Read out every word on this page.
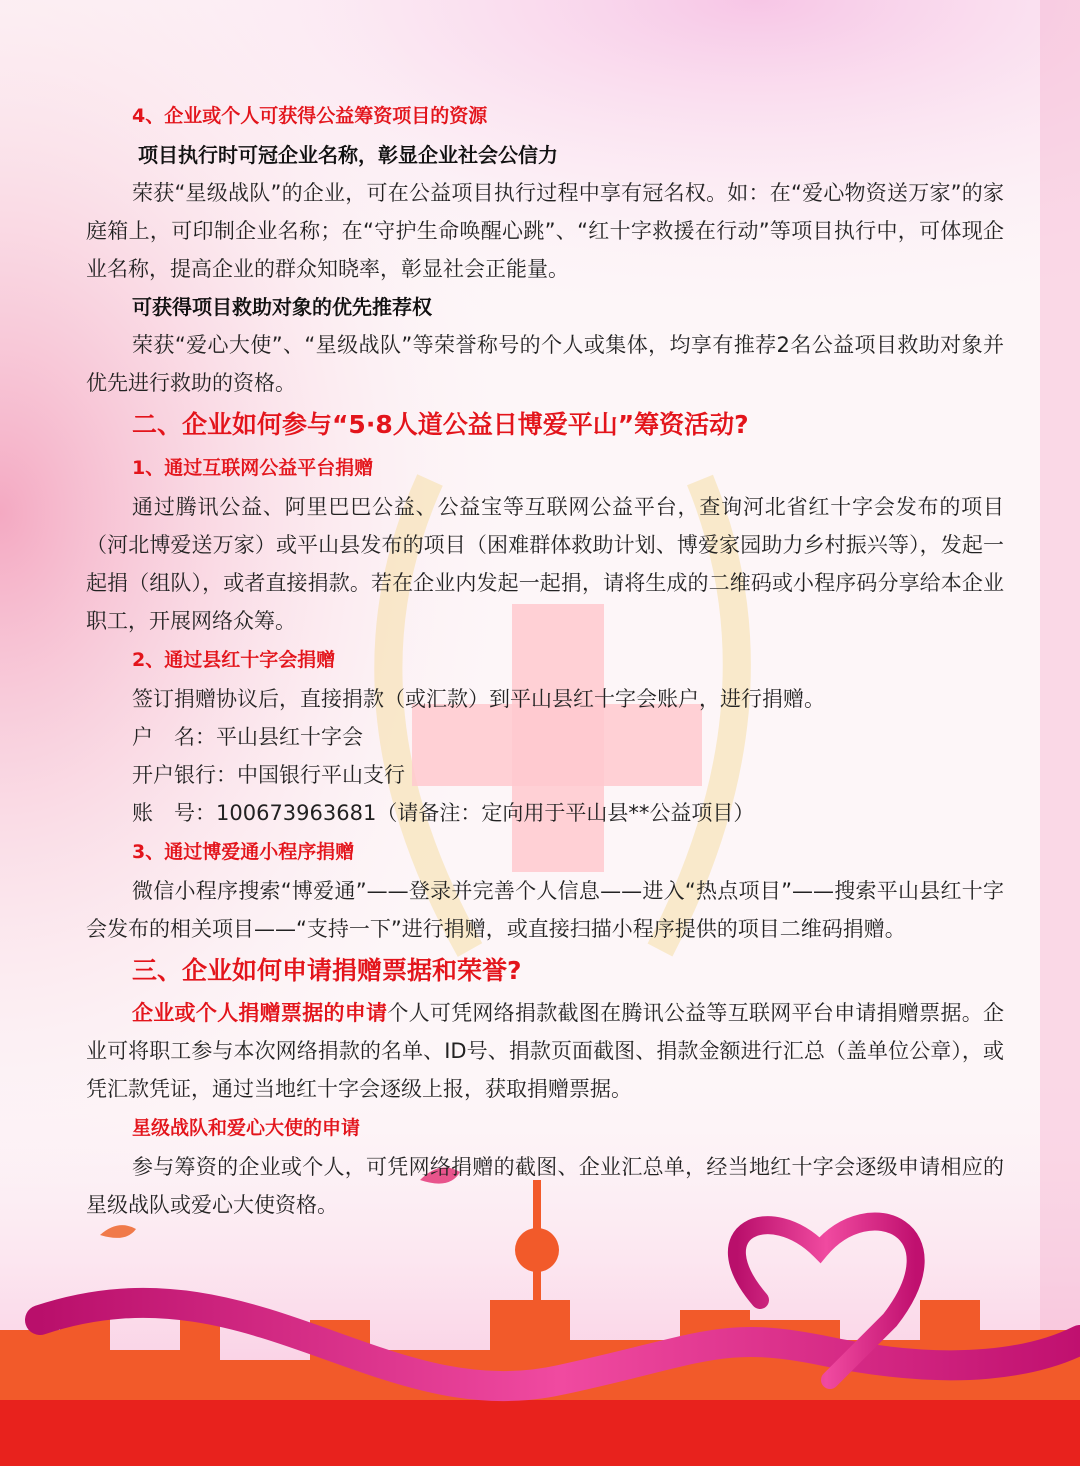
4、企业或个人可获得公益筹资项目的资源
项目执行时可冠企业名称，彰显企业社会公信力

荣获“星级战队”的企业，可在公益项目执行过程中享有冠名权。如：在“爱心物资送万家”的家庭箱上，可印制企业名称；在“守护生命唤醒心跳”、“红十字救援在行动”等项目执行中，可体现企业名称，提高企业的群众知晓率，彰显社会正能量。

可获得项目救助对象的优先推荐权

荣获“爱心大使”、“星级战队”等荣誉称号的个人或集体，均享有推荐2名公益项目救助对象并优先进行救助的资格。

二、企业如何参与“5·8人道公益日博爱平山”筹资活动?
1、通过互联网公益平台捐赠

通过腾讯公益、阿里巴巴公益、公益宝等互联网公益平台，查询河北省红十字会发布的项目（河北博爱送万家）或平山县发布的项目（困难群体救助计划、博爱家园助力乡村振兴等），发起一起捐（组队），或者直接捐款。若在企业内发起一起捐，请将生成的二维码或小程序码分享给本企业职工，开展网络众筹。

2、通过县红十字会捐赠
签订捐赠协议后，直接捐款（或汇款）到平山县红十字会账户，进行捐赠。
户　名：平山县红十字会
开户银行：中国银行平山支行
账　号：100673963681（请备注：定向用于平山县**公益项目）
3、通过博爱通小程序捐赠

微信小程序搜索“博爱通”——登录并完善个人信息——进入“热点项目”——搜索平山县红十字会发布的相关项目——“支持一下”进行捐赠，或直接扫描小程序提供的项目二维码捐赠。

三、企业如何申请捐赠票据和荣誉?

企业或个人捐赠票据的申请个人可凭网络捐款截图在腾讯公益等互联网平台申请捐赠票据。企业可将职工参与本次网络捐款的名单、ID号、捐款页面截图、捐款金额进行汇总（盖单位公章），或凭汇款凭证，通过当地红十字会逐级上报，获取捐赠票据。

星级战队和爱心大使的申请

参与筹资的企业或个人，可凭网络捐赠的截图、企业汇总单，经当地红十字会逐级申请相应的星级战队或爱心大使资格。
